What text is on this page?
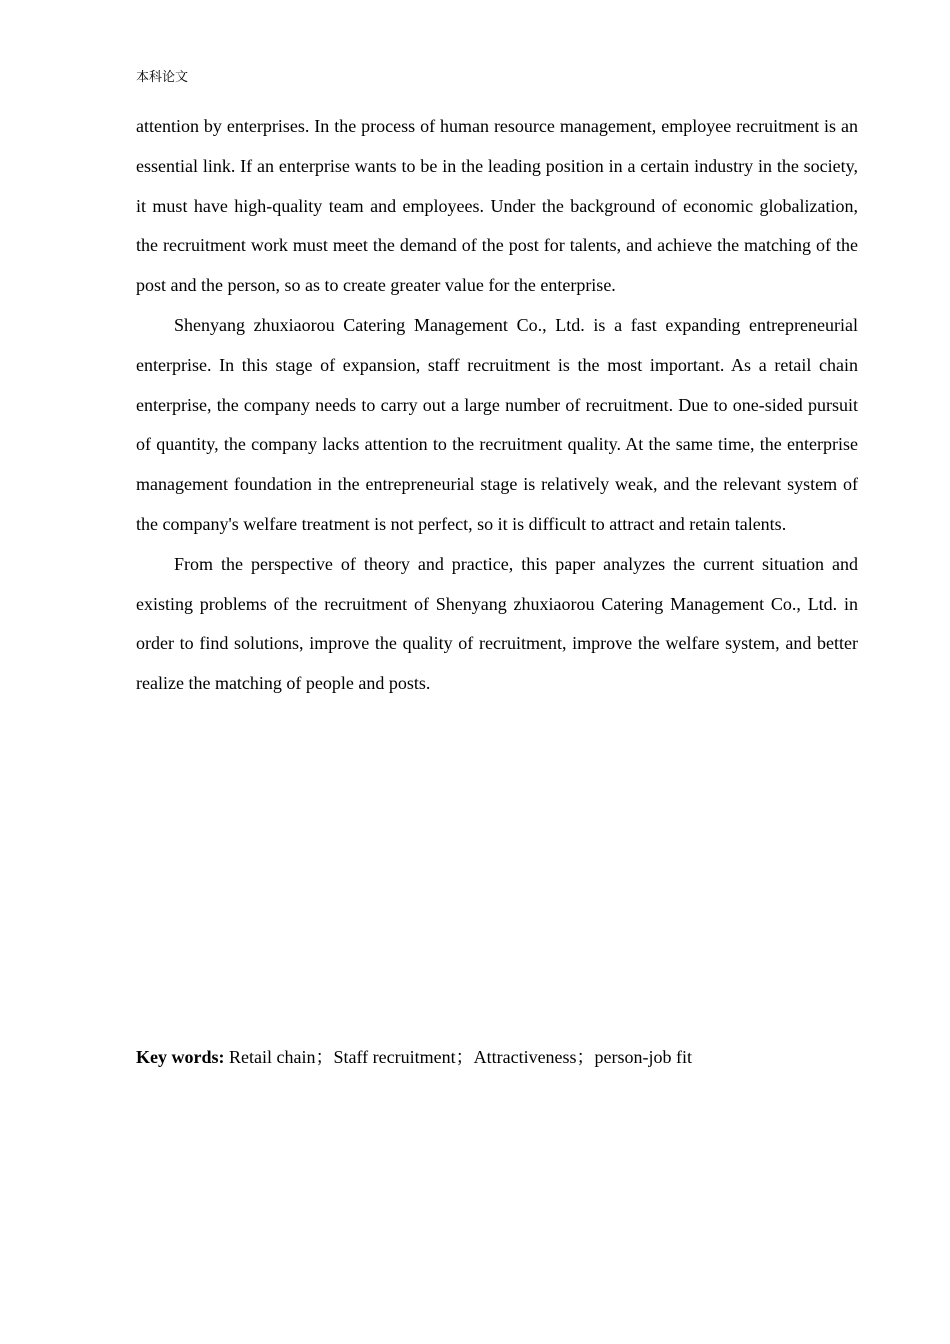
本科论文

attention by enterprises. In the process of human resource management, employee recruitment is an essential link. If an enterprise wants to be in the leading position in a certain industry in the society, it must have high-quality team and employees. Under the background of economic globalization, the recruitment work must meet the demand of the post for talents, and achieve the matching of the post and the person, so as to create greater value for the enterprise.

Shenyang zhuxiaorou Catering Management Co., Ltd. is a fast expanding entrepreneurial enterprise. In this stage of expansion, staff recruitment is the most important. As a retail chain enterprise, the company needs to carry out a large number of recruitment. Due to one-sided pursuit of quantity, the company lacks attention to the recruitment quality. At the same time, the enterprise management foundation in the entrepreneurial stage is relatively weak, and the relevant system of the company's welfare treatment is not perfect, so it is difficult to attract and retain talents.

From the perspective of theory and practice, this paper analyzes the current situation and existing problems of the recruitment of Shenyang zhuxiaorou Catering Management Co., Ltd. in order to find solutions, improve the quality of recruitment, improve the welfare system, and better realize the matching of people and posts.

Key words: Retail chain；Staff recruitment；Attractiveness；person-job fit
